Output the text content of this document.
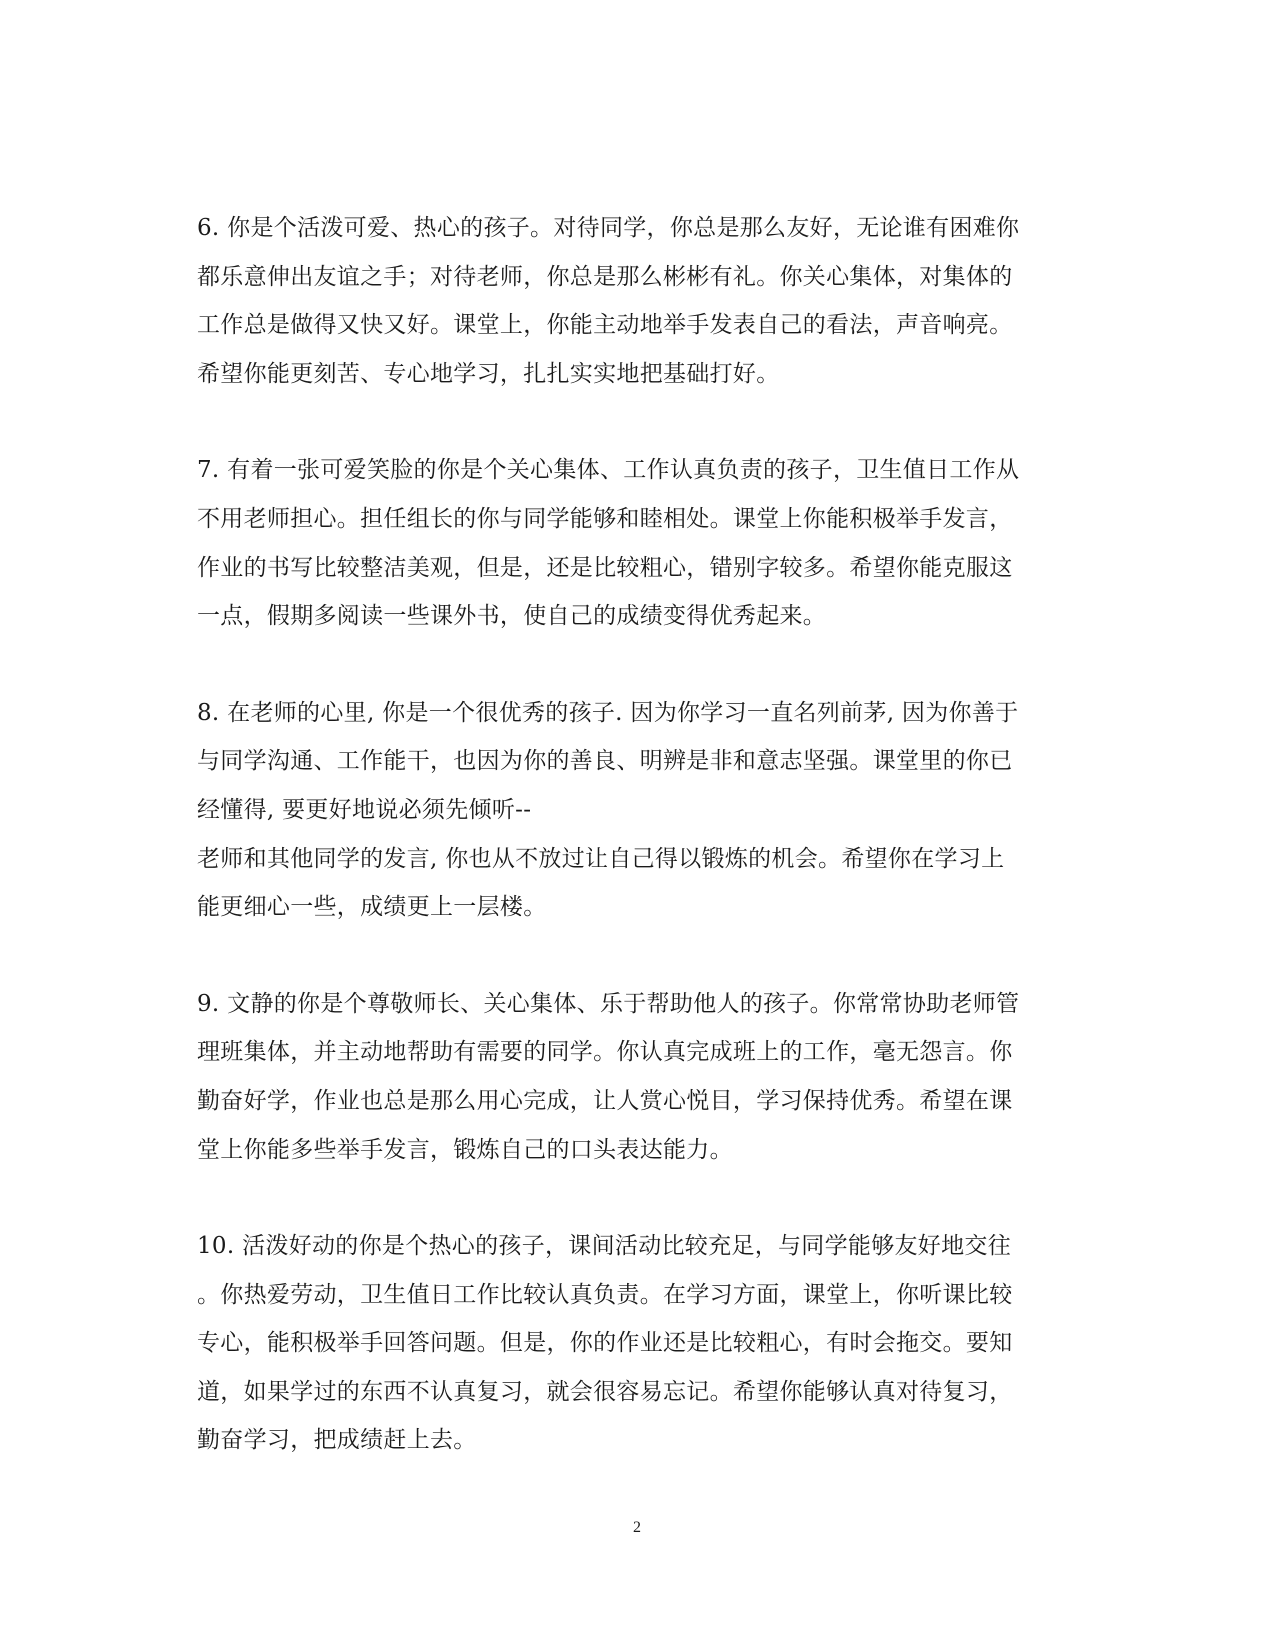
6. 你是个活泼可爱、热心的孩子。对待同学，你总是那么友好，无论谁有困难你
都乐意伸出友谊之手；对待老师，你总是那么彬彬有礼。你关心集体，对集体的
工作总是做得又快又好。课堂上，你能主动地举手发表自己的看法，声音响亮。
希望你能更刻苦、专心地学习，扎扎实实地把基础打好。
7. 有着一张可爱笑脸的你是个关心集体、工作认真负责的孩子，卫生值日工作从
不用老师担心。担任组长的你与同学能够和睦相处。课堂上你能积极举手发言，
作业的书写比较整洁美观，但是，还是比较粗心，错别字较多。希望你能克服这
一点，假期多阅读一些课外书，使自己的成绩变得优秀起来。
8. 在老师的心里, 你是一个很优秀的孩子. 因为你学习一直名列前茅, 因为你善于
与同学沟通、工作能干，也因为你的善良、明辨是非和意志坚强。课堂里的你已
经懂得, 要更好地说必须先倾听--
老师和其他同学的发言, 你也从不放过让自己得以锻炼的机会。希望你在学习上
能更细心一些，成绩更上一层楼。
9. 文静的你是个尊敬师长、关心集体、乐于帮助他人的孩子。你常常协助老师管
理班集体，并主动地帮助有需要的同学。你认真完成班上的工作，毫无怨言。你
勤奋好学，作业也总是那么用心完成，让人赏心悦目，学习保持优秀。希望在课
堂上你能多些举手发言，锻炼自己的口头表达能力。
10. 活泼好动的你是个热心的孩子，课间活动比较充足，与同学能够友好地交往
。你热爱劳动，卫生值日工作比较认真负责。在学习方面，课堂上，你听课比较
专心，能积极举手回答问题。但是，你的作业还是比较粗心，有时会拖交。要知
道，如果学过的东西不认真复习，就会很容易忘记。希望你能够认真对待复习，
勤奋学习，把成绩赶上去。
2
